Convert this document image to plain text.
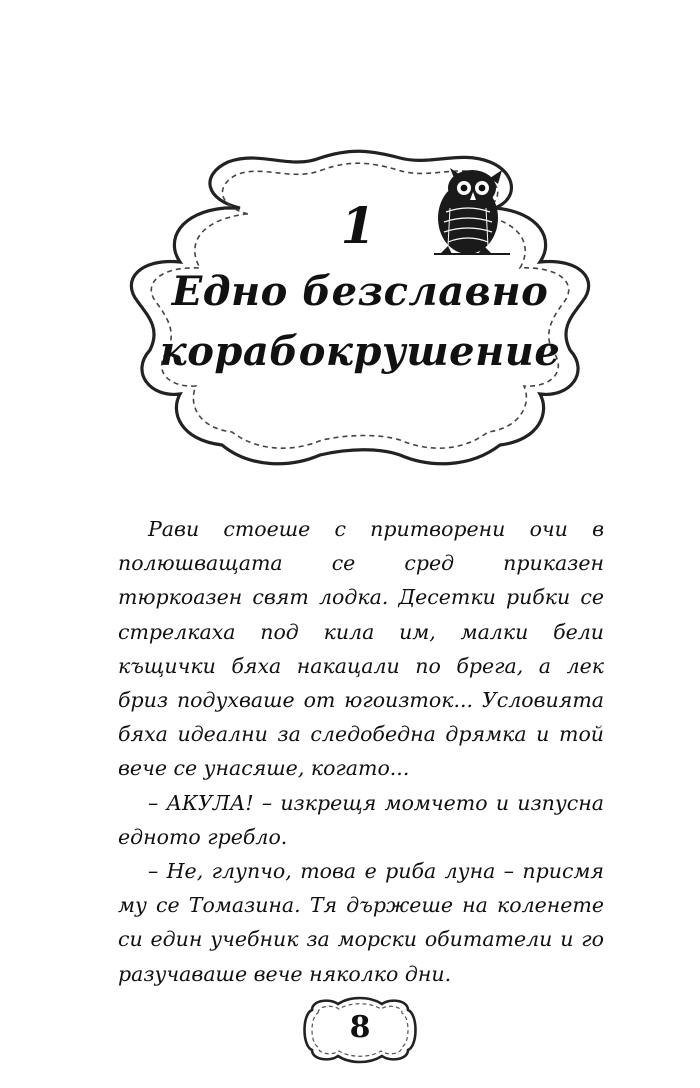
1
Едно безславно
корабокрушение

Рави стоеше с притворени очи в полюшващата се сред приказен тюркоазен свят лодка. Десетки рибки се стрелкаха под кила им, малки бели къщички бяха накацали по брега, а лек бриз подухваше от югоизток... Условията бяха идеални за следобедна дрямка и той вече се унасяше, когато...

– АКУЛА! – изкрещя момчето и изпусна едното гребло.

– Не, глупчо, това е риба луна – присмя му се Томазина. Тя държеше на коленете си един учебник за морски обитатели и го разучаваше вече няколко дни.

8
